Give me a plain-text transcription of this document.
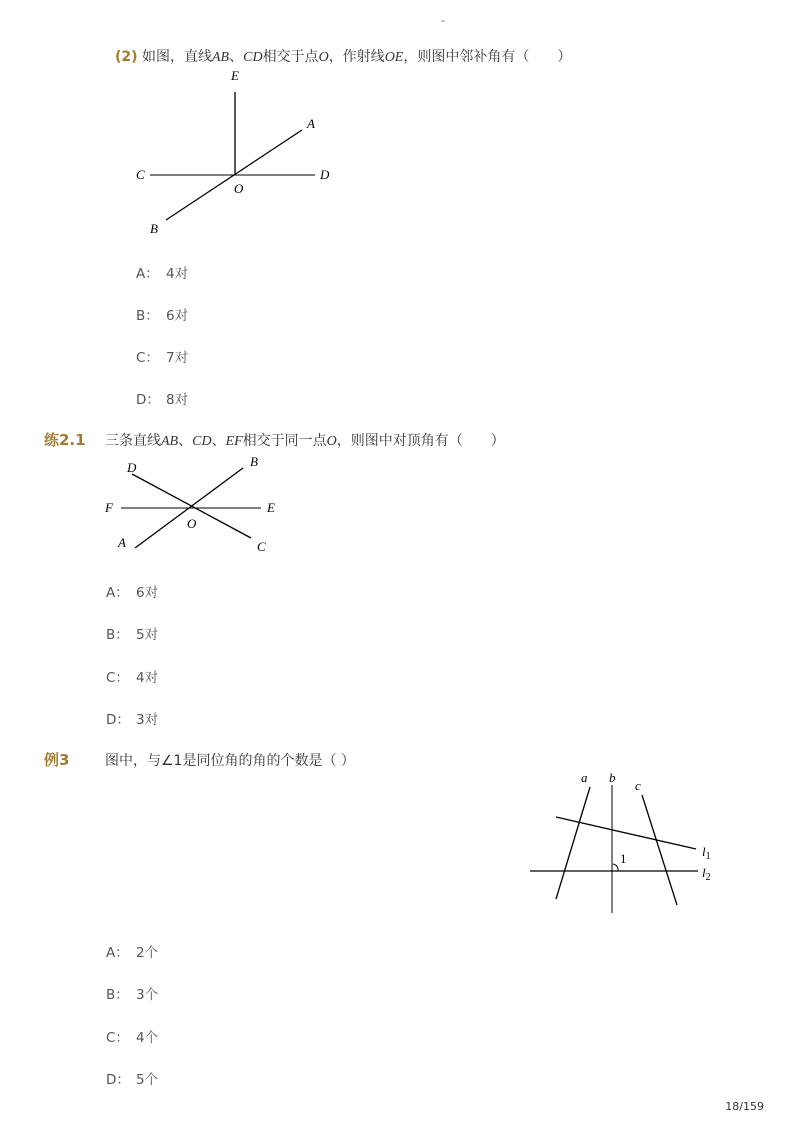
-
(2) 如图，直线AB、CD相交于点O，作射线OE，则图中邻补角有（　　）
E
A
C
O
D
B
A： 4对
B： 6对
C： 7对
D： 8对
练2.1 三条直线AB、CD、EF相交于同一点O，则图中对顶角有（　　）
D	B
F	E
O
A	C
A： 6对
B： 5对
C： 4对
D： 3对
例3	图中，与∠1是同位角的角的个数是（ ）
a b
c
1	$l_1$
$l_2$
A： 2个
B： 3个
C： 4个
D： 5个
18/159
